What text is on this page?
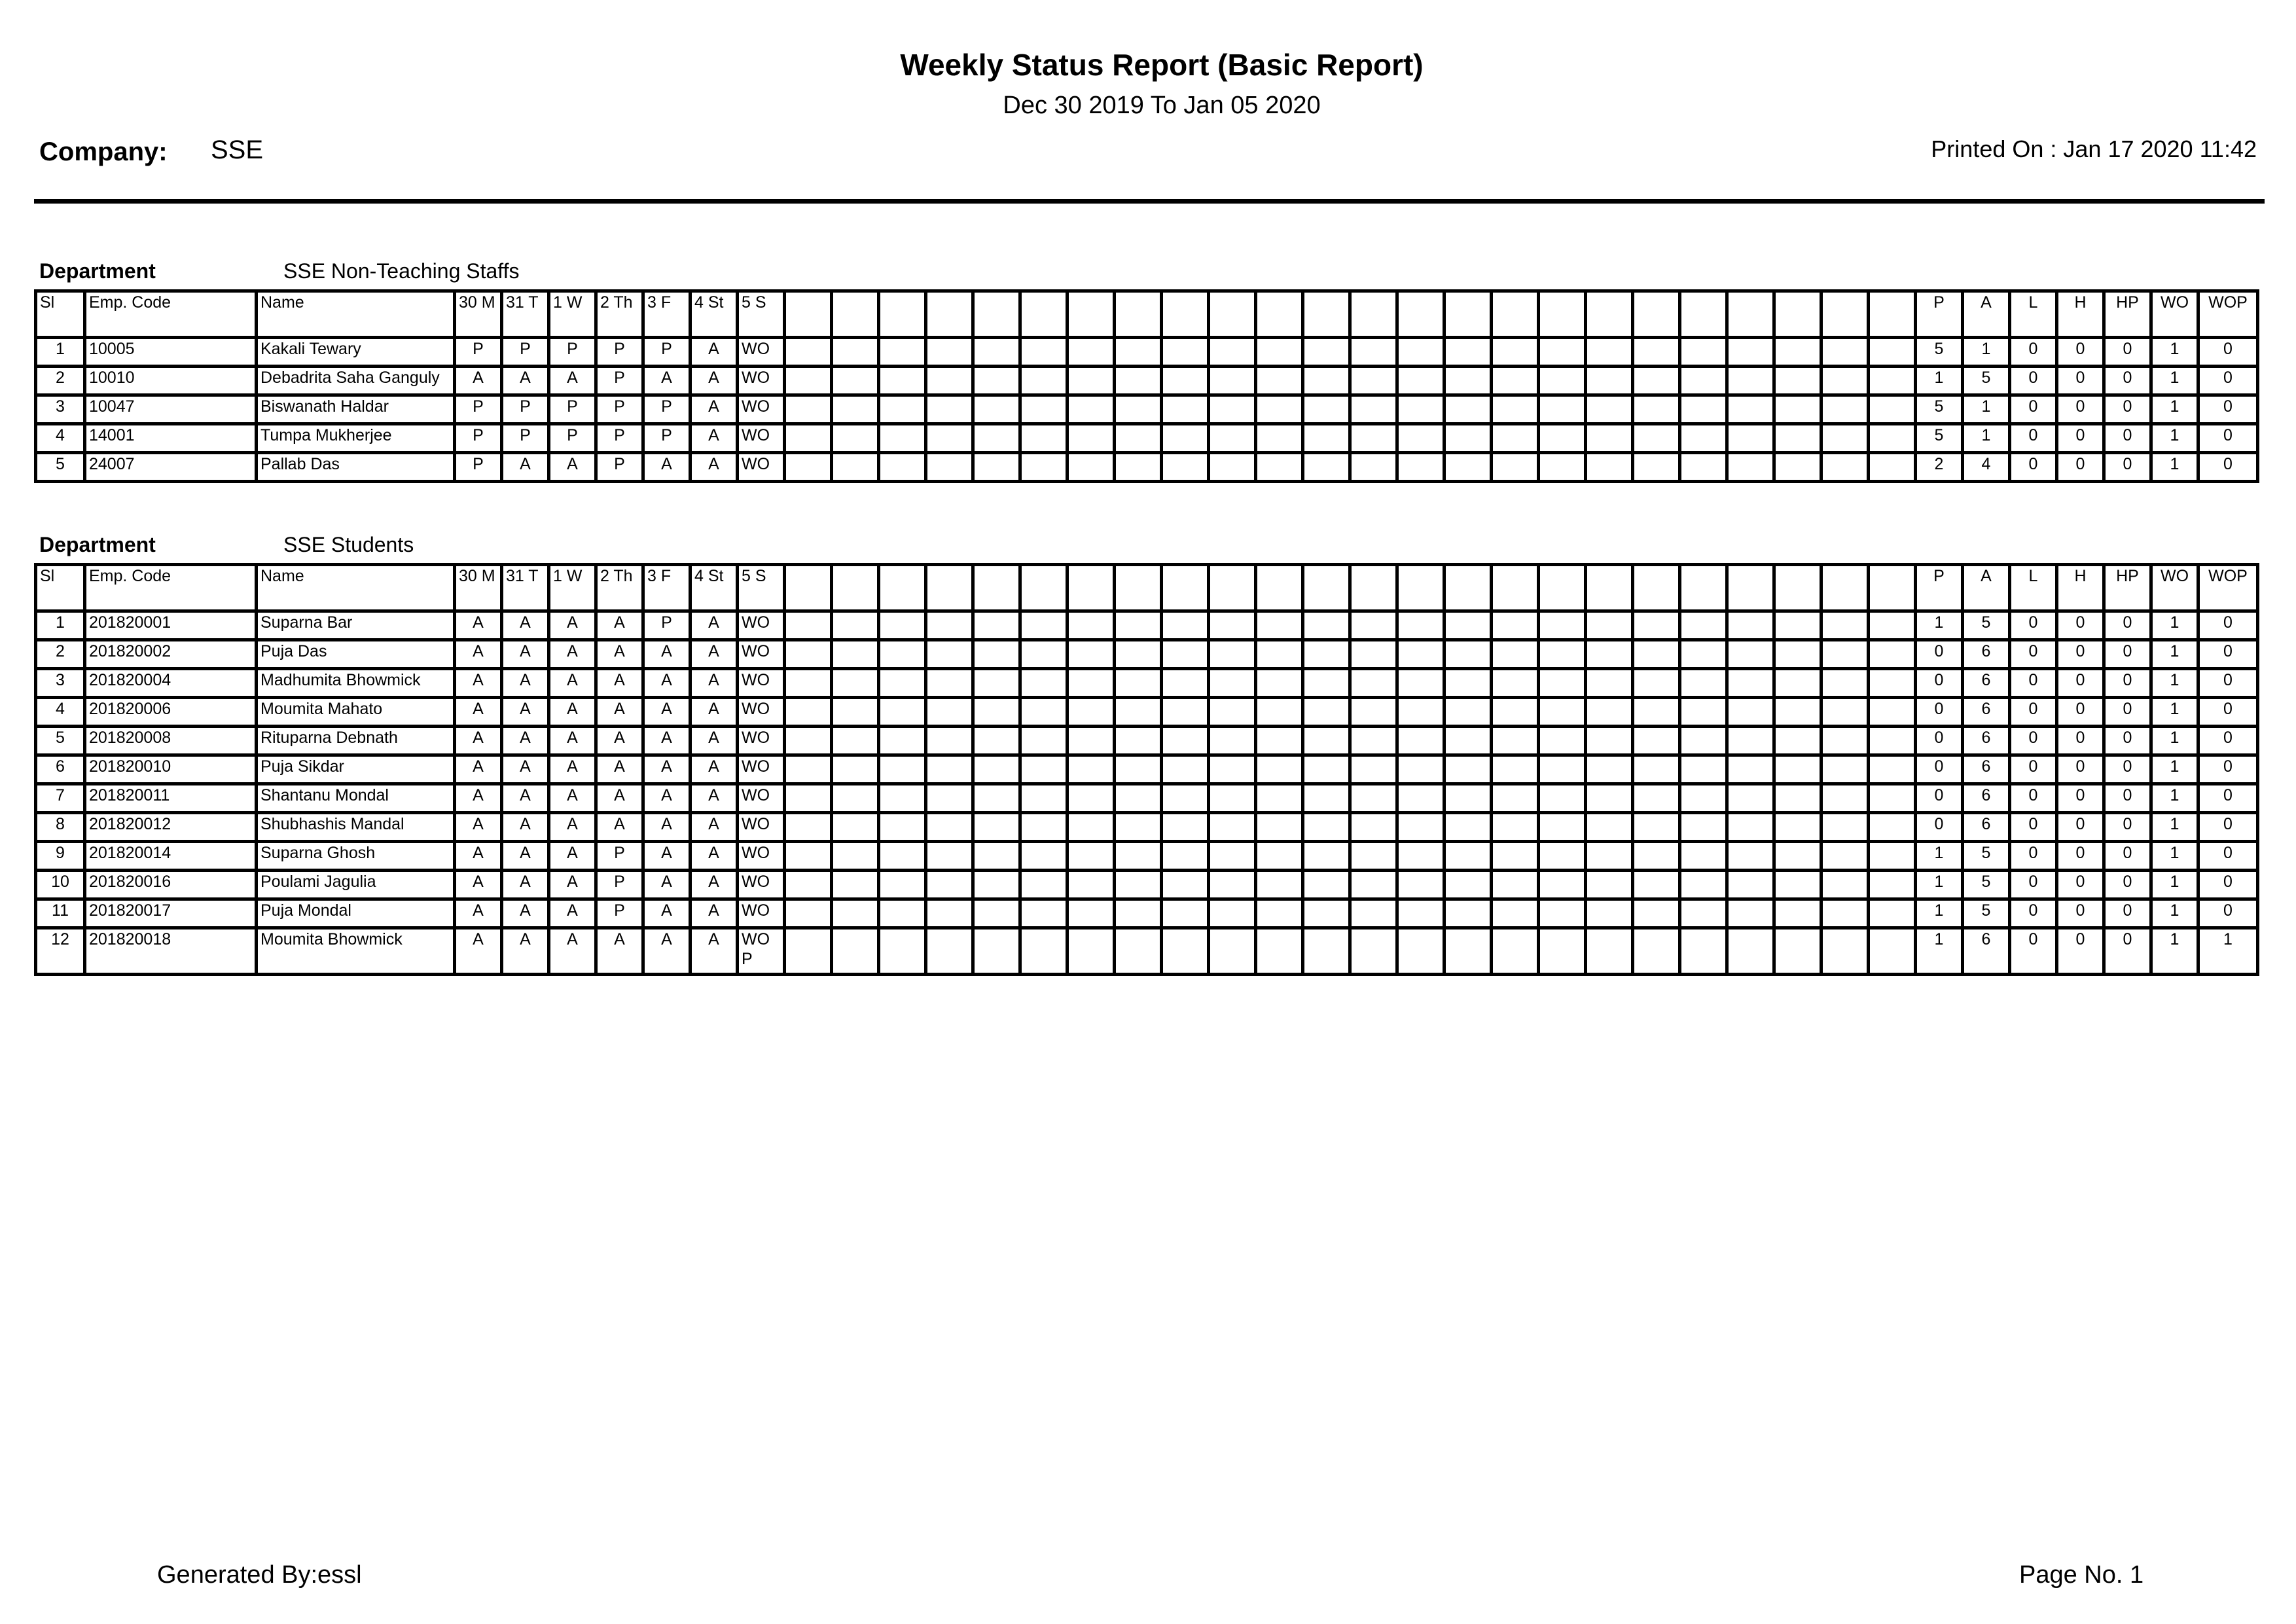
Weekly Status Report (Basic Report)
Dec 30 2019 To Jan 05 2020
Company: SSE	Printed On : Jan 17 2020 11:42
Department	SSE Non-Teaching Staffs
Sl	Emp. Code	Name	30 M	31 T	1 W	2 Th	3 F	4 St	5 S																									P	A	L	H	HP	WO	WOP
1	10005	Kakali Tewary	P	P	P	P	P	A	WO																									5	1	0	0	0	1	0
2	10010	Debadrita Saha Ganguly	A	A	A	P	A	A	WO																									1	5	0	0	0	1	0
3	10047	Biswanath Haldar	P	P	P	P	P	A	WO																									5	1	0	0	0	1	0
4	14001	Tumpa Mukherjee	P	P	P	P	P	A	WO																									5	1	0	0	0	1	0
5	24007	Pallab Das	P	A	A	P	A	A	WO																									2	4	0	0	0	1	0
Department	SSE Students
Sl	Emp. Code	Name	30 M	31 T	1 W	2 Th	3 F	4 St	5 S																									P	A	L	H	HP	WO	WOP
1	201820001	Suparna Bar	A	A	A	A	P	A	WO																									1	5	0	0	0	1	0
2	201820002	Puja Das	A	A	A	A	A	A	WO																									0	6	0	0	0	1	0
3	201820004	Madhumita Bhowmick	A	A	A	A	A	A	WO																									0	6	0	0	0	1	0
4	201820006	Moumita Mahato	A	A	A	A	A	A	WO																									0	6	0	0	0	1	0
5	201820008	Rituparna Debnath	A	A	A	A	A	A	WO																									0	6	0	0	0	1	0
6	201820010	Puja Sikdar	A	A	A	A	A	A	WO																									0	6	0	0	0	1	0
7	201820011	Shantanu Mondal	A	A	A	A	A	A	WO																									0	6	0	0	0	1	0
8	201820012	Shubhashis Mandal	A	A	A	A	A	A	WO																									0	6	0	0	0	1	0
9	201820014	Suparna Ghosh	A	A	A	P	A	A	WO																									1	5	0	0	0	1	0
10	201820016	Poulami Jagulia	A	A	A	P	A	A	WO																									1	5	0	0	0	1	0
11	201820017	Puja Mondal	A	A	A	P	A	A	WO																									1	5	0	0	0	1	0
12	201820018	Moumita Bhowmick	A	A	A	A	A	A	WOP																									1	6	0	0	0	1	1
Generated By:essl	Page No. 1
